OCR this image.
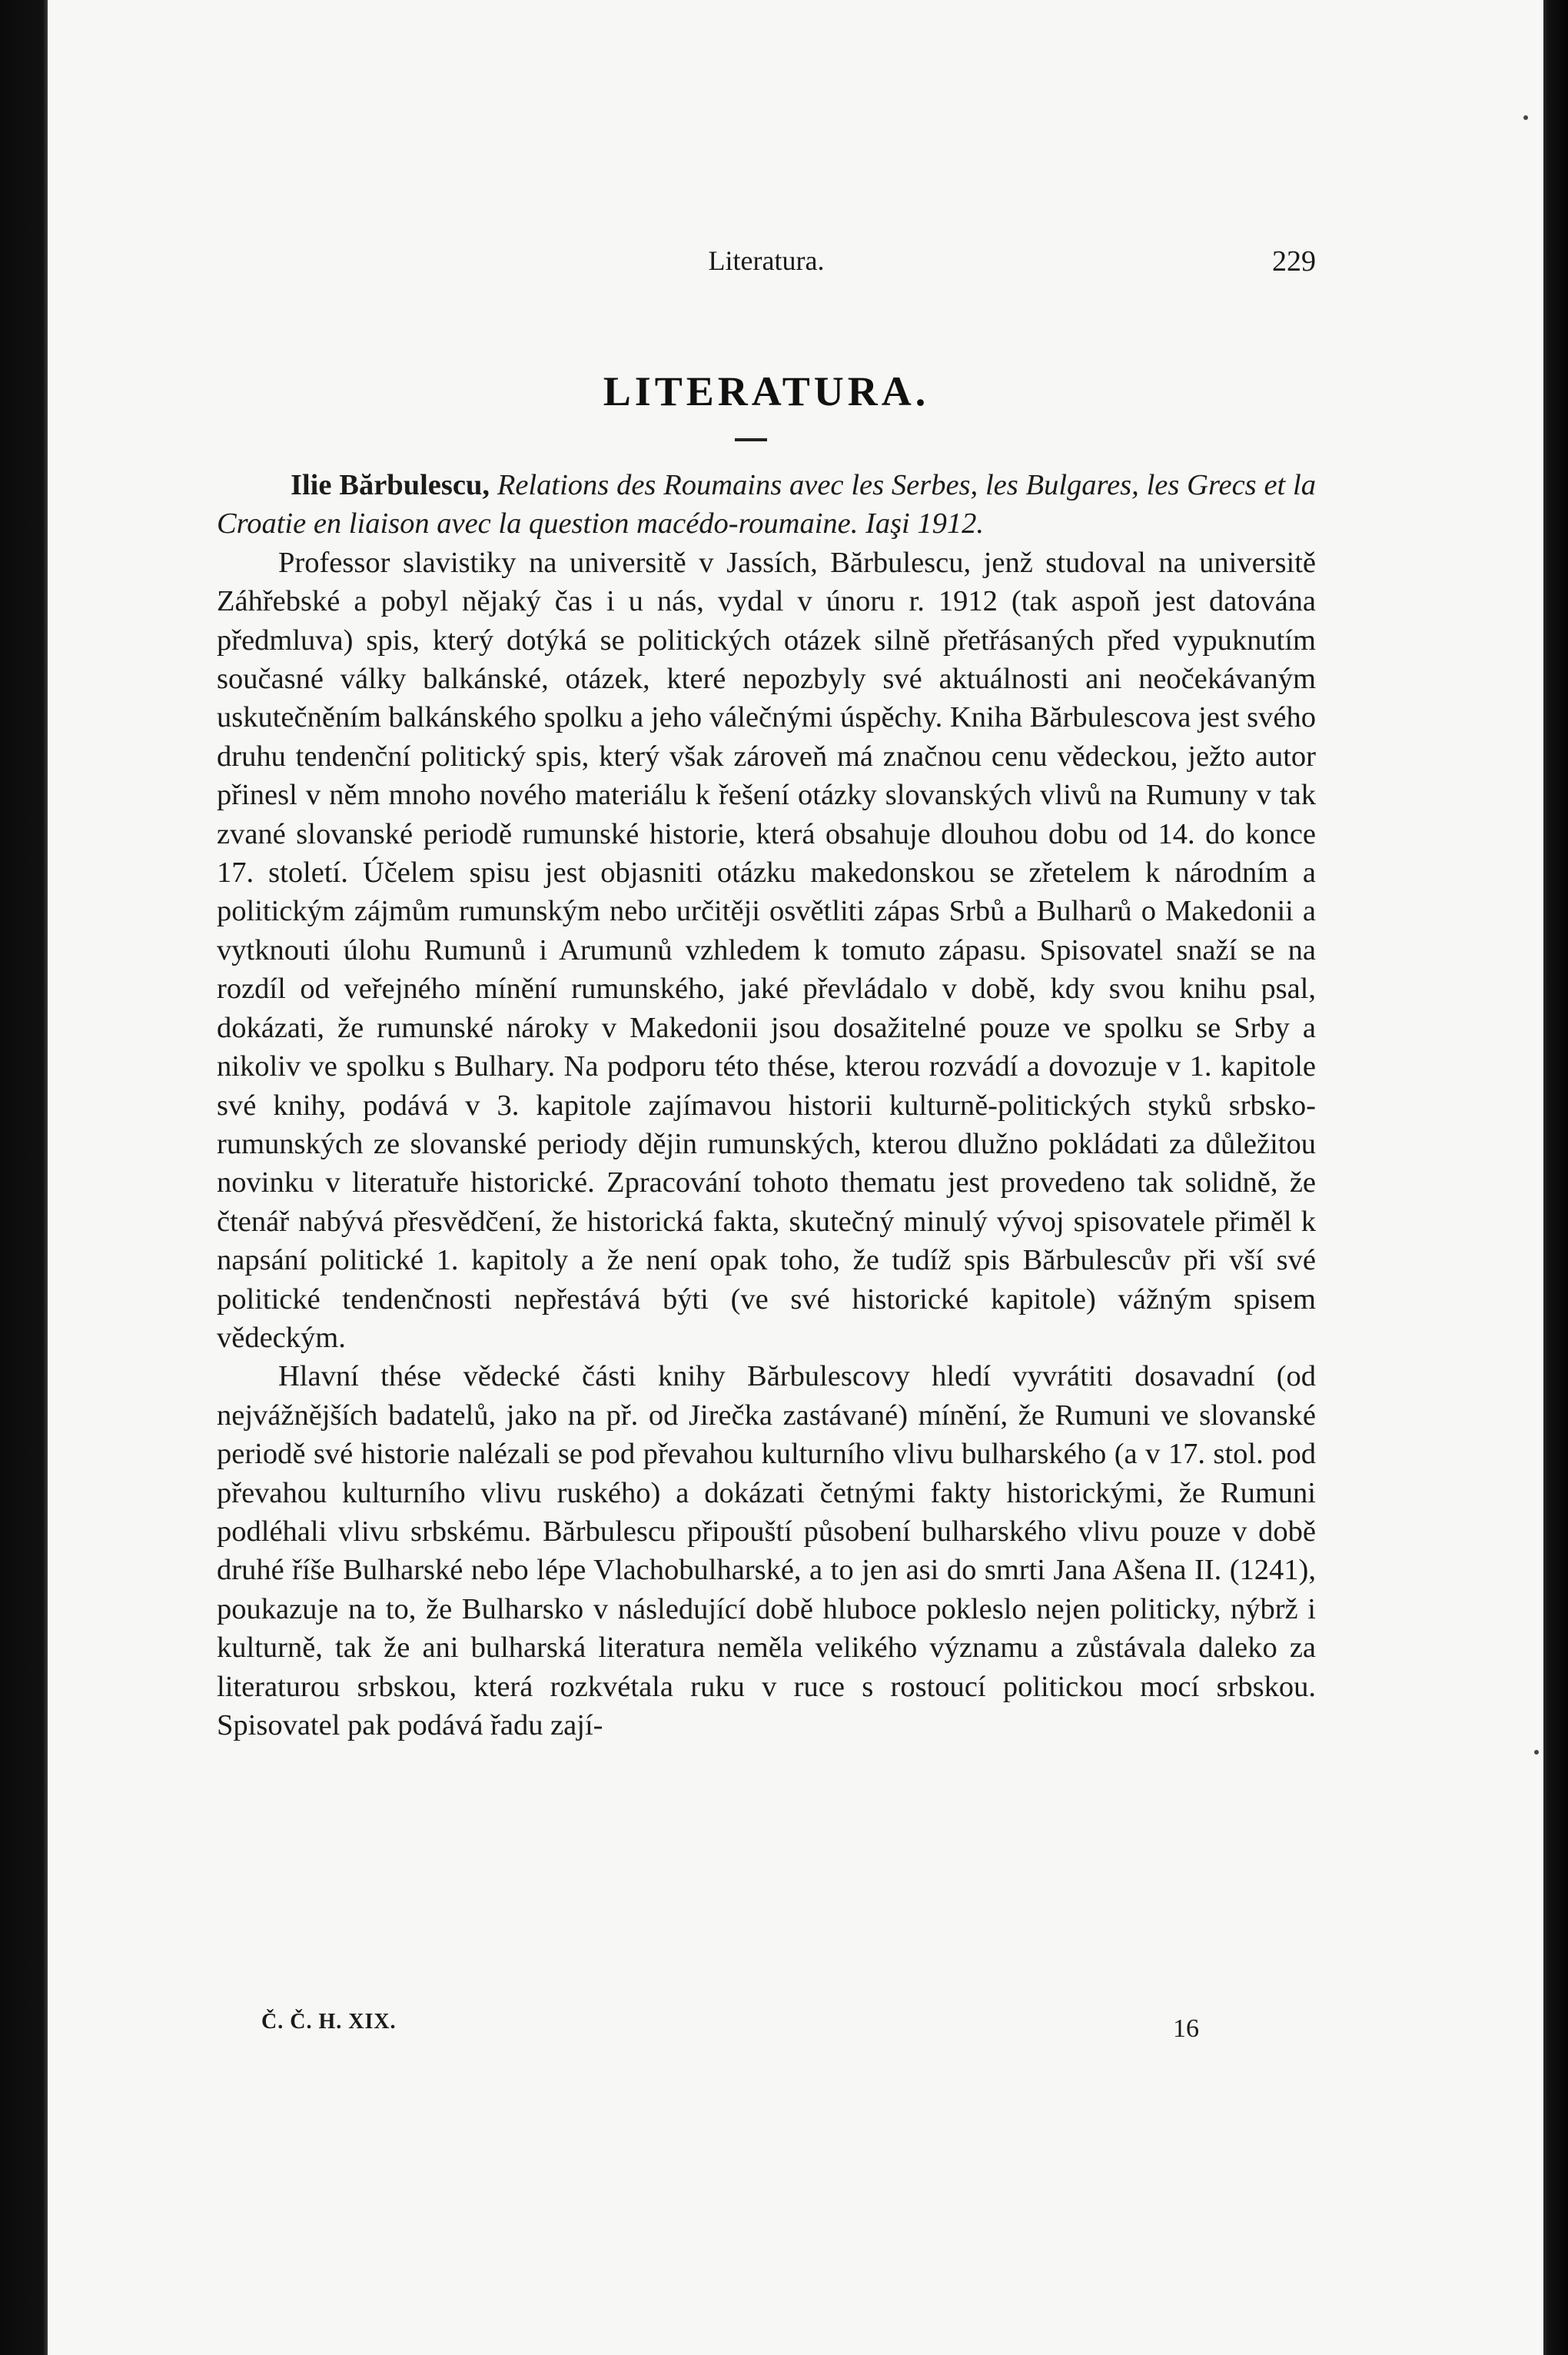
Literatura.	229
LITERATURA.

Ilie Bărbulescu, Relations des Roumains avec les Serbes, les Bulgares, les Grecs et la Croatie en liaison avec la question macédo-roumaine. Iaşi 1912.

Professor slavistiky na universitě v Jassích, Bărbulescu, jenž studoval na universitě Záhřebské a pobyl nějaký čas i u nás, vydal v únoru r. 1912 (tak aspoň jest datována předmluva) spis, který dotýká se politických otázek silně přetřásaných před vypuknutím současné války balkánské, otázek, které nepozbyly své aktuálnosti ani neočekávaným uskutečněním balkánského spolku a jeho válečnými úspěchy. Kniha Bărbulescova jest svého druhu tendenční politický spis, který však zároveň má značnou cenu vědeckou, ježto autor přinesl v něm mnoho nového materiálu k řešení otázky slovanských vlivů na Rumuny v tak zvané slovanské periodě rumunské historie, která obsahuje dlouhou dobu od 14. do konce 17. století. Účelem spisu jest objasniti otázku makedonskou se zřetelem k národním a politickým zájmům rumunským nebo určitěji osvětliti zápas Srbů a Bulharů o Makedonii a vytknouti úlohu Rumunů i Arumunů vzhledem k tomuto zápasu. Spisovatel snaží se na rozdíl od veřejného mínění rumunského, jaké převládalo v době, kdy svou knihu psal, dokázati, že rumunské nároky v Makedonii jsou dosažitelné pouze ve spolku se Srby a nikoliv ve spolku s Bulhary. Na podporu této thése, kterou rozvádí a dovozuje v 1. kapitole své knihy, podává v 3. kapitole zajímavou historii kulturně-politických styků srbsko-rumunských ze slovanské periody dějin rumunských, kterou dlužno pokládati za důležitou novinku v literatuře historické. Zpracování tohoto thematu jest provedeno tak solidně, že čtenář nabývá přesvědčení, že historická fakta, skutečný minulý vývoj spisovatele přiměl k napsání politické 1. kapitoly a že není opak toho, že tudíž spis Bărbulescův při vší své politické tendenčnosti nepřestává býti (ve své historické kapitole) vážným spisem vědeckým.

Hlavní thése vědecké části knihy Bărbulescovy hledí vyvrátiti dosavadní (od nejvážnějších badatelů, jako na př. od Jirečka zastávané) mínění, že Rumuni ve slovanské periodě své historie nalézali se pod převahou kulturního vlivu bulharského (a v 17. stol. pod převahou kulturního vlivu ruského) a dokázati četnými fakty historickými, že Rumuni podléhali vlivu srbskému. Bărbulescu připouští působení bulharského vlivu pouze v době druhé říše Bulharské nebo lépe Vlachobulharské, a to jen asi do smrti Jana Ašena II. (1241), poukazuje na to, že Bulharsko v následující době hluboce pokleslo nejen politicky, nýbrž i kulturně, tak že ani bulharská literatura neměla velikého významu a zůstávala daleko za literaturou srbskou, která rozkvétala ruku v ruce s rostoucí politickou mocí srbskou. Spisovatel pak podává řadu zají-

Č. Č. H. XIX.	16
